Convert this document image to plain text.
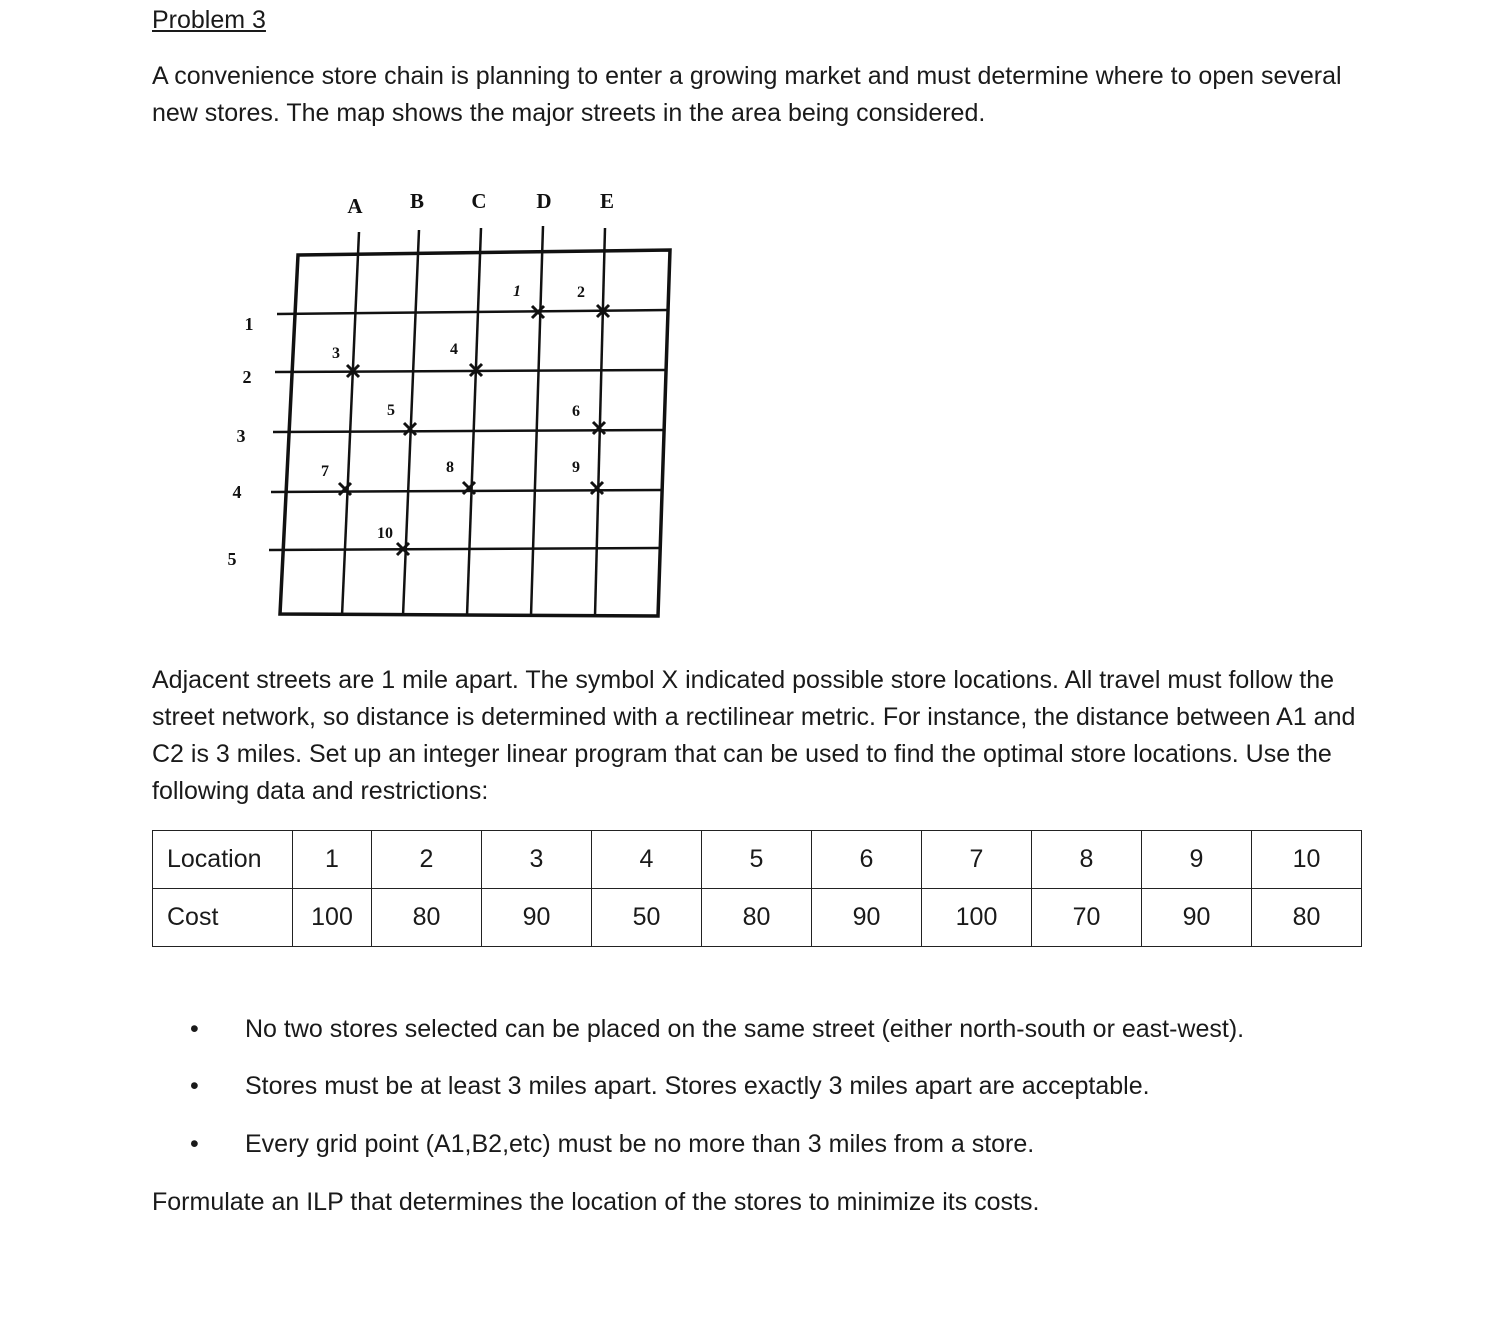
Problem 3
A convenience store chain is planning to enter a growing market and must determine where to open several new stores. The map shows the major streets in the area being considered.
A B C D E
1
2
3
4
5
1	2
3	4
5	6
7	8	9
10
Adjacent streets are 1 mile apart. The symbol X indicated possible store locations. All travel must follow the street network, so distance is determined with a rectilinear metric. For instance, the distance between A1 and C2 is 3 miles. Set up an integer linear program that can be used to find the optimal store locations. Use the following data and restrictions:
Location	1	2	3	4	5	6	7	8	9	10
Cost	100	80	90	50	80	90	100	70	90	80
• No two stores selected can be placed on the same street (either north-south or east-west).
• Stores must be at least 3 miles apart. Stores exactly 3 miles apart are acceptable.
• Every grid point (A1,B2,etc) must be no more than 3 miles from a store.
Formulate an ILP that determines the location of the stores to minimize its costs.
